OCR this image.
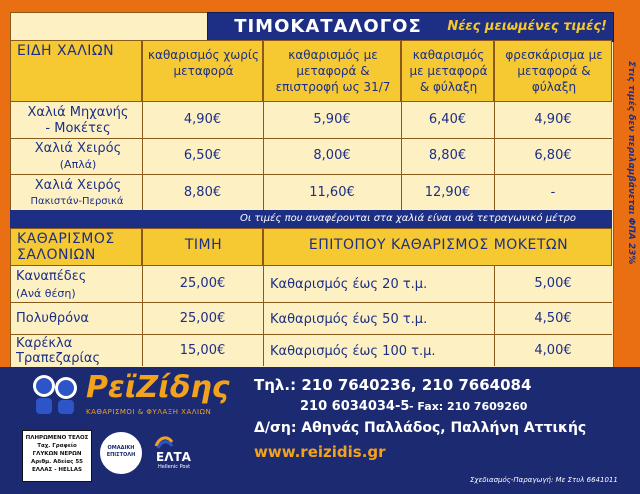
ΤΙΜΟΚΑΤΑΛΟΓΟΣ	Νέες μειωμένες τιμές!
ΕΙΔΗ ΧΑΛΙΩΝ	καθαρισμός χωρίς μεταφορά
καθαρισμός με μεταφορά & επιστροφή ως 31/7
καθαρισμός με μεταφορά & φύλαξη
φρεσκάρισμα με μεταφορά & φύλαξη
Χαλιά Μηχανής
- Μοκέτες
4,90€	5,90€	6,40€	4,90€
Χαλιά Χειρός
(Απλά)
6,50€	8,00€	8,80€	6,80€
Χαλιά Χειρός
Πακιστάν-Περσικά
8,80€	11,60€	12,90€	-
Οι τιμές που αναφέρονται στα χαλιά είναι ανά τετραγωνικό μέτρο
ΚΑΘΑΡΙΣΜΟΣ
ΣΑΛΟΝΙΩΝ
ΤΙΜΗ	ΕΠΙΤΟΠΟΥ ΚΑΘΑΡΙΣΜΟΣ ΜΟΚΕΤΩΝ
Καναπέδες
(Ανά θέση)
25,00€	Καθαρισμός έως 20 τ.μ.	5,00€
Πολυθρόνα	25,00€	Καθαρισμός έως 50 τ.μ.	4,50€
Καρέκλα
Τραπεζαρίας
15,00€	Καθαρισμός έως 100 τ.μ.	4,00€
Στις τιμές δεν περιλαμβάνεται ΦΠΑ 23%
ΡεϊΖίδης
ΚΑΘΑΡΙΣΜΟΙ & ΦΥΛΑΞΗ ΧΑΛΙΩΝ
Τηλ.: 210 7640236, 210 7664084
210 6034034-5 - Fax: 210 7609260
Δ/ση: Αθηνάς Παλλάδος, Παλλήνη Αττικής
www.reizidis.gr
Σχεδιασμός-Παραγωγή: Με Στυλ 6641011
ΠΛΗΡΩΜΕΝΟ ΤΕΛΟΣ
Ταχ. Γραφείο
ΓΛΥΚΩΝ ΝΕΡΩΝ
Αριθμ. Αδείας 55
ΕΛΛΑΣ - HELLAS
ΟΜΑΔΙΚΗ ΕΠΙΣΤΟΛΗ	ΕΛΤΑ
Hellenic Post
